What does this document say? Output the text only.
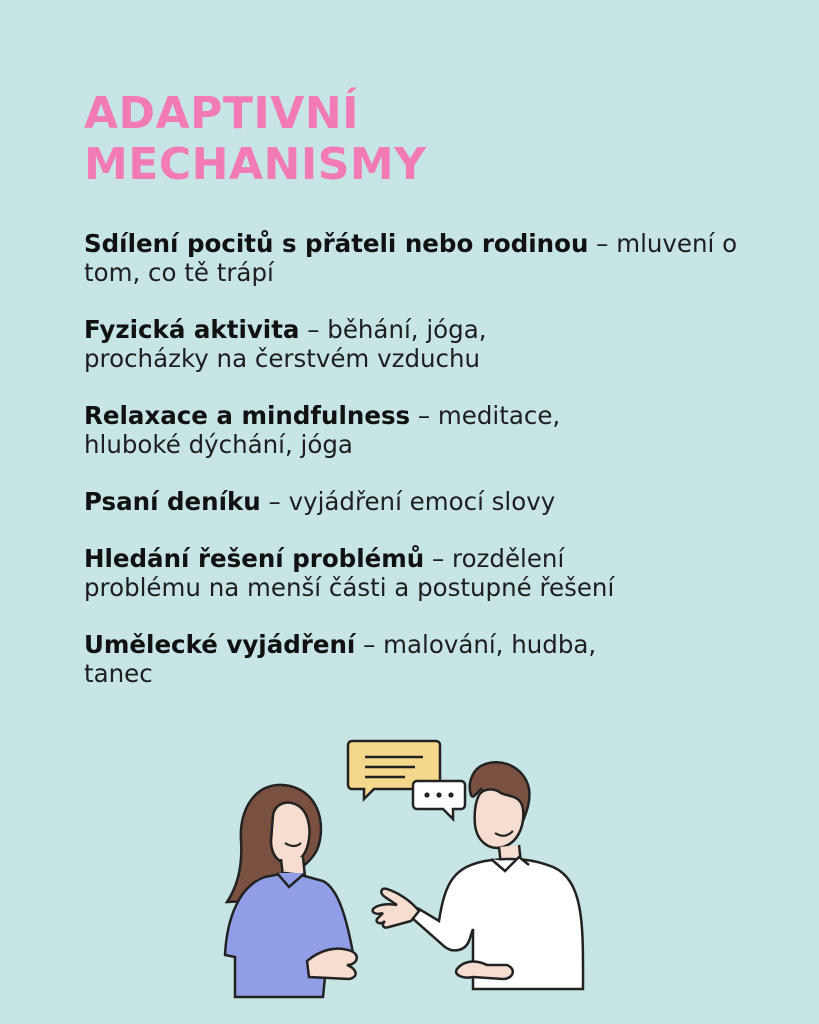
ADAPTIVNÍ
MECHANISMY
Sdílení pocitů s přáteli nebo rodinou – mluvení o tom, co tě trápí
Fyzická aktivita – běhání, jóga, procházky na čerstvém vzduchu
Relaxace a mindfulness – meditace, hluboké dýchání, jóga
Psaní deníku – vyjádření emocí slovy
Hledání řešení problémů – rozdělení problému na menší části a postupné řešení
Umělecké vyjádření – malování, hudba, tanec
